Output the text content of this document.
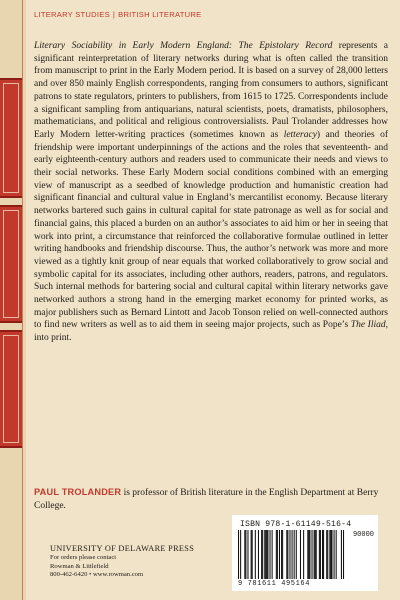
LITERARY STUDIES | BRITISH LITERATURE

Literary Sociability in Early Modern England: The Epistolary Record represents a significant reinterpretation of literary networks during what is often called the transition from manuscript to print in the Early Modern period. It is based on a survey of 28,000 letters and over 850 mainly English correspondents, ranging from consumers to authors, significant patrons to state regulators, printers to publishers, from 1615 to 1725. Correspondents include a significant sampling from antiquarians, natural scientists, poets, dramatists, philosophers, mathematicians, and political and religious controversialists. Paul Trolander addresses how Early Modern letter-writing practices (sometimes known as letteracy) and theories of friendship were important underpinnings of the actions and the roles that seventeenth- and early eighteenth-century authors and readers used to communicate their needs and views to their social networks. These Early Modern social conditions combined with an emerging view of manuscript as a seedbed of knowledge production and humanistic creation had significant financial and cultural value in England’s mercantilist economy. Because literary networks bartered such gains in cultural capital for state patronage as well as for social and financial gains, this placed a burden on an author’s associates to aid him or her in seeing that work into print, a circumstance that reinforced the collaborative formulae outlined in letter writing handbooks and friendship discourse. Thus, the author’s network was more and more viewed as a tightly knit group of near equals that worked collaboratively to grow social and symbolic capital for its associates, including other authors, readers, patrons, and regulators. Such internal methods for bartering social and cultural capital within literary networks gave networked authors a strong hand in the emerging market economy for printed works, as major publishers such as Bernard Lintott and Jacob Tonson relied on well-connected authors to find new writers as well as to aid them in seeing major projects, such as Pope’s The Iliad, into print.

PAUL TROLANDER is professor of British literature in the English Department at Berry College.

UNIVERSITY OF DELAWARE PRESS
For orders please contact
Rowman & Littlefield
800-462-6420 • www.rowman.com
ISBN 978-1-61149-516-4
90000
9 781611 495164
